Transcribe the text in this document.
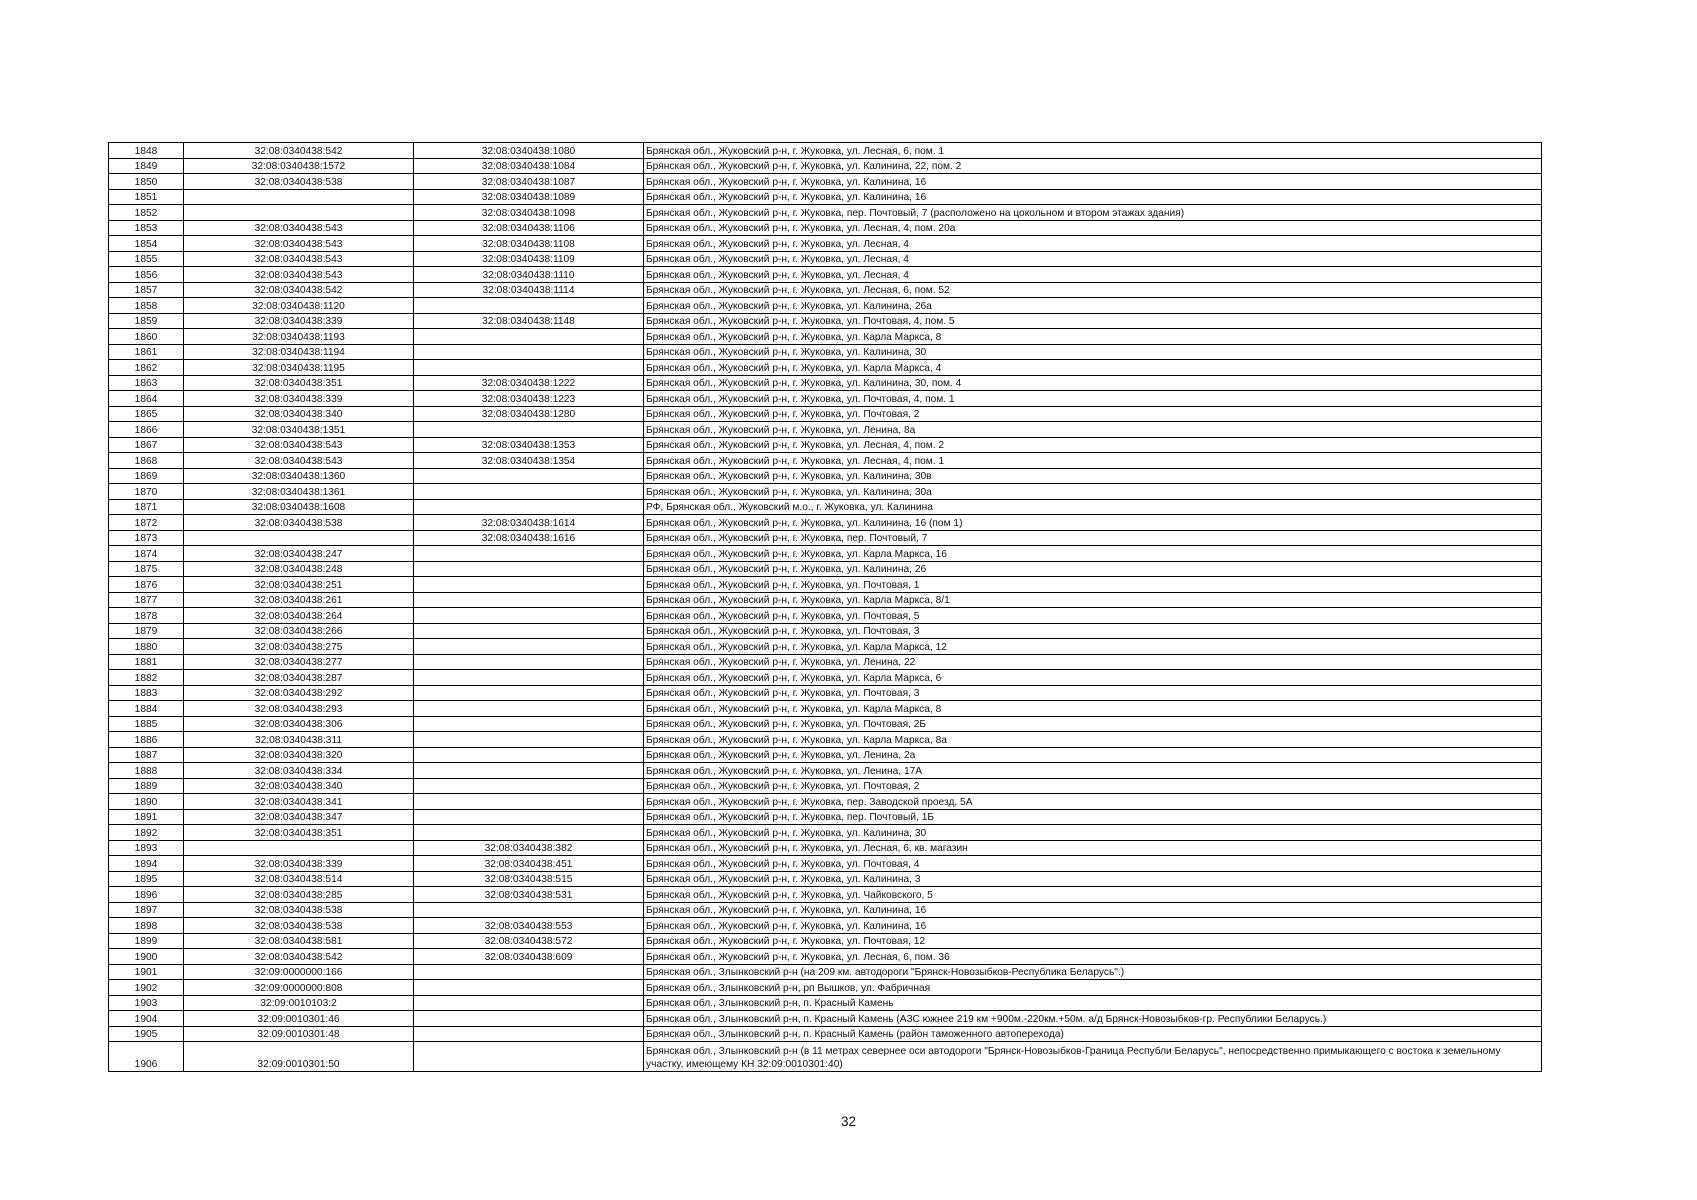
1848	32:08:0340438:542	32:08:0340438:1080	Брянская обл., Жуковский р-н, г. Жуковка, ул. Лесная, 6, пом. 1
1849	32:08:0340438:1572	32:08:0340438:1084	Брянская обл., Жуковский р-н, г. Жуковка, ул. Калинина, 22, пом. 2
1850	32:08:0340438:538	32:08:0340438:1087	Брянская обл., Жуковский р-н, г. Жуковка, ул. Калинина, 16
1851		32:08:0340438:1089	Брянская обл., Жуковский р-н, г. Жуковка, ул. Калинина, 16
1852		32:08:0340438:1098	Брянская обл., Жуковский р-н, г. Жуковка, пер. Почтовый, 7 (расположено на цокольном и втором этажах здания)
1853	32:08:0340438:543	32:08:0340438:1106	Брянская обл., Жуковский р-н, г. Жуковка, ул. Лесная, 4, пом. 20а
1854	32:08:0340438:543	32:08:0340438:1108	Брянская обл., Жуковский р-н, г. Жуковка, ул. Лесная, 4
1855	32:08:0340438:543	32:08:0340438:1109	Брянская обл., Жуковский р-н, г. Жуковка, ул. Лесная, 4
1856	32:08:0340438:543	32:08:0340438:1110	Брянская обл., Жуковский р-н, г. Жуковка, ул. Лесная, 4
1857	32:08:0340438:542	32:08:0340438:1114	Брянская обл., Жуковский р-н, г. Жуковка, ул. Лесная, 6, пом. 52
1858	32:08:0340438:1120		Брянская обл., Жуковский р-н, г. Жуковка, ул. Калинина, 26а
1859	32:08:0340438:339	32:08:0340438:1148	Брянская обл., Жуковский р-н, г. Жуковка, ул. Почтовая, 4, пом. 5
1860	32:08:0340438:1193		Брянская обл., Жуковский р-н, г. Жуковка, ул. Карла Маркса, 8
1861	32:08:0340438:1194		Брянская обл., Жуковский р-н, г. Жуковка, ул. Калинина, 30
1862	32:08:0340438:1195		Брянская обл., Жуковский р-н, г. Жуковка, ул. Карла Маркса, 4
1863	32:08:0340438:351	32:08:0340438:1222	Брянская обл., Жуковский р-н, г. Жуковка, ул. Калинина, 30, пом. 4
1864	32:08:0340438:339	32:08:0340438:1223	Брянская обл., Жуковский р-н, г. Жуковка, ул. Почтовая, 4, пом. 1
1865	32:08:0340438:340	32:08:0340438:1280	Брянская обл., Жуковский р-н, г. Жуковка, ул. Почтовая, 2
1866	32:08:0340438:1351		Брянская обл., Жуковский р-н, г. Жуковка, ул. Ленина, 8а
1867	32:08:0340438:543	32:08:0340438:1353	Брянская обл., Жуковский р-н, г. Жуковка, ул. Лесная, 4, пом. 2
1868	32:08:0340438:543	32:08:0340438:1354	Брянская обл., Жуковский р-н, г. Жуковка, ул. Лесная, 4, пом. 1
1869	32:08:0340438:1360		Брянская обл., Жуковский р-н, г. Жуковка, ул. Калинина, 30в
1870	32:08:0340438:1361		Брянская обл., Жуковский р-н, г. Жуковка, ул. Калинина, 30а
1871	32:08:0340438:1608		РФ, Брянская обл., Жуковский м.о., г. Жуковка, ул. Калинина
1872	32:08:0340438:538	32:08:0340438:1614	Брянская обл., Жуковский р-н, г. Жуковка, ул. Калинина, 16 (пом 1)
1873		32:08:0340438:1616	Брянская обл., Жуковский р-н, г. Жуковка, пер. Почтовый, 7
1874	32:08:0340438:247		Брянская обл., Жуковский р-н, г. Жуковка, ул. Карла Маркса, 16
1875	32:08:0340438:248		Брянская обл., Жуковский р-н, г. Жуковка, ул. Калинина, 26
1876	32:08:0340438:251		Брянская обл., Жуковский р-н, г. Жуковка, ул. Почтовая, 1
1877	32:08:0340438:261		Брянская обл., Жуковский р-н, г. Жуковка, ул. Карла Маркса, 8/1
1878	32:08:0340438:264		Брянская обл., Жуковский р-н, г. Жуковка, ул. Почтовая, 5
1879	32:08:0340438:266		Брянская обл., Жуковский р-н, г. Жуковка, ул. Почтовая, 3
1880	32:08:0340438:275		Брянская обл., Жуковский р-н, г. Жуковка, ул. Карла Маркса, 12
1881	32:08:0340438:277		Брянская обл., Жуковский р-н, г. Жуковка, ул. Ленина, 22
1882	32:08:0340438:287		Брянская обл., Жуковский р-н, г. Жуковка, ул. Карла Маркса, 6
1883	32:08:0340438:292		Брянская обл., Жуковский р-н, г. Жуковка, ул. Почтовая, 3
1884	32:08:0340438:293		Брянская обл., Жуковский р-н, г. Жуковка, ул. Карла Маркса, 8
1885	32:08:0340438:306		Брянская обл., Жуковский р-н, г. Жуковка, ул. Почтовая, 2Б
1886	32:08:0340438:311		Брянская обл., Жуковский р-н, г. Жуковка, ул. Карла Маркса, 8а
1887	32:08:0340438:320		Брянская обл., Жуковский р-н, г. Жуковка, ул. Ленина, 2а
1888	32:08:0340438:334		Брянская обл., Жуковский р-н, г. Жуковка, ул. Ленина, 17А
1889	32:08:0340438:340		Брянская обл., Жуковский р-н, г. Жуковка, ул. Почтовая, 2
1890	32:08:0340438:341		Брянская обл., Жуковский р-н, г. Жуковка, пер. Заводской проезд, 5А
1891	32:08:0340438:347		Брянская обл., Жуковский р-н, г. Жуковка, пер. Почтовый, 1Б
1892	32:08:0340438:351		Брянская обл., Жуковский р-н, г. Жуковка, ул. Калинина, 30
1893		32:08:0340438:382	Брянская обл., Жуковский р-н, г. Жуковка, ул. Лесная, 6, кв. магазин
1894	32:08:0340438:339	32:08:0340438:451	Брянская обл., Жуковский р-н, г. Жуковка, ул. Почтовая, 4
1895	32:08:0340438:514	32:08:0340438:515	Брянская обл., Жуковский р-н, г. Жуковка, ул. Калинина, 3
1896	32:08:0340438:285	32:08:0340438:531	Брянская обл., Жуковский р-н, г. Жуковка, ул. Чайковского, 5
1897	32:08:0340438:538		Брянская обл., Жуковский р-н, г. Жуковка, ул. Калинина, 16
1898	32:08:0340438:538	32:08:0340438:553	Брянская обл., Жуковский р-н, г. Жуковка, ул. Калинина, 16
1899	32:08:0340438:581	32:08:0340438:572	Брянская обл., Жуковский р-н, г. Жуковка, ул. Почтовая, 12
1900	32:08:0340438:542	32:08:0340438:609	Брянская обл., Жуковский р-н, г. Жуковка, ул. Лесная, 6, пом. 36
1901	32:09:0000000:166		Брянская обл., Злынковский р-н (на 209 км. автодороги "Брянск-Новозыбков-Республика Беларусь".)
1902	32:09:0000000:808		Брянская обл., Злынковский р-н, рп Вышков, ул. Фабричная
1903	32:09:0010103:2		Брянская обл., Злынковский р-н, п. Красный Камень
1904	32:09:0010301:46		Брянская обл., Злынковский р-н, п. Красный Камень (АЗС южнее 219 км +900м.-220км.+50м. а/д Брянск-Новозыбков-гр. Республики Беларусь.)
1905	32:09:0010301:48		Брянская обл., Злынковский р-н, п. Красный Камень (район таможенного автоперехода)
1906	32:09:0010301:50		Брянская обл., Злынковский р-н (в 11 метрах севернее оси автодороги "Брянск-Новозыбков-Граница Республи Беларусь", непосредственно примыкающего с востока к земельному участку, имеющему КН 32:09:0010301:40)
32
